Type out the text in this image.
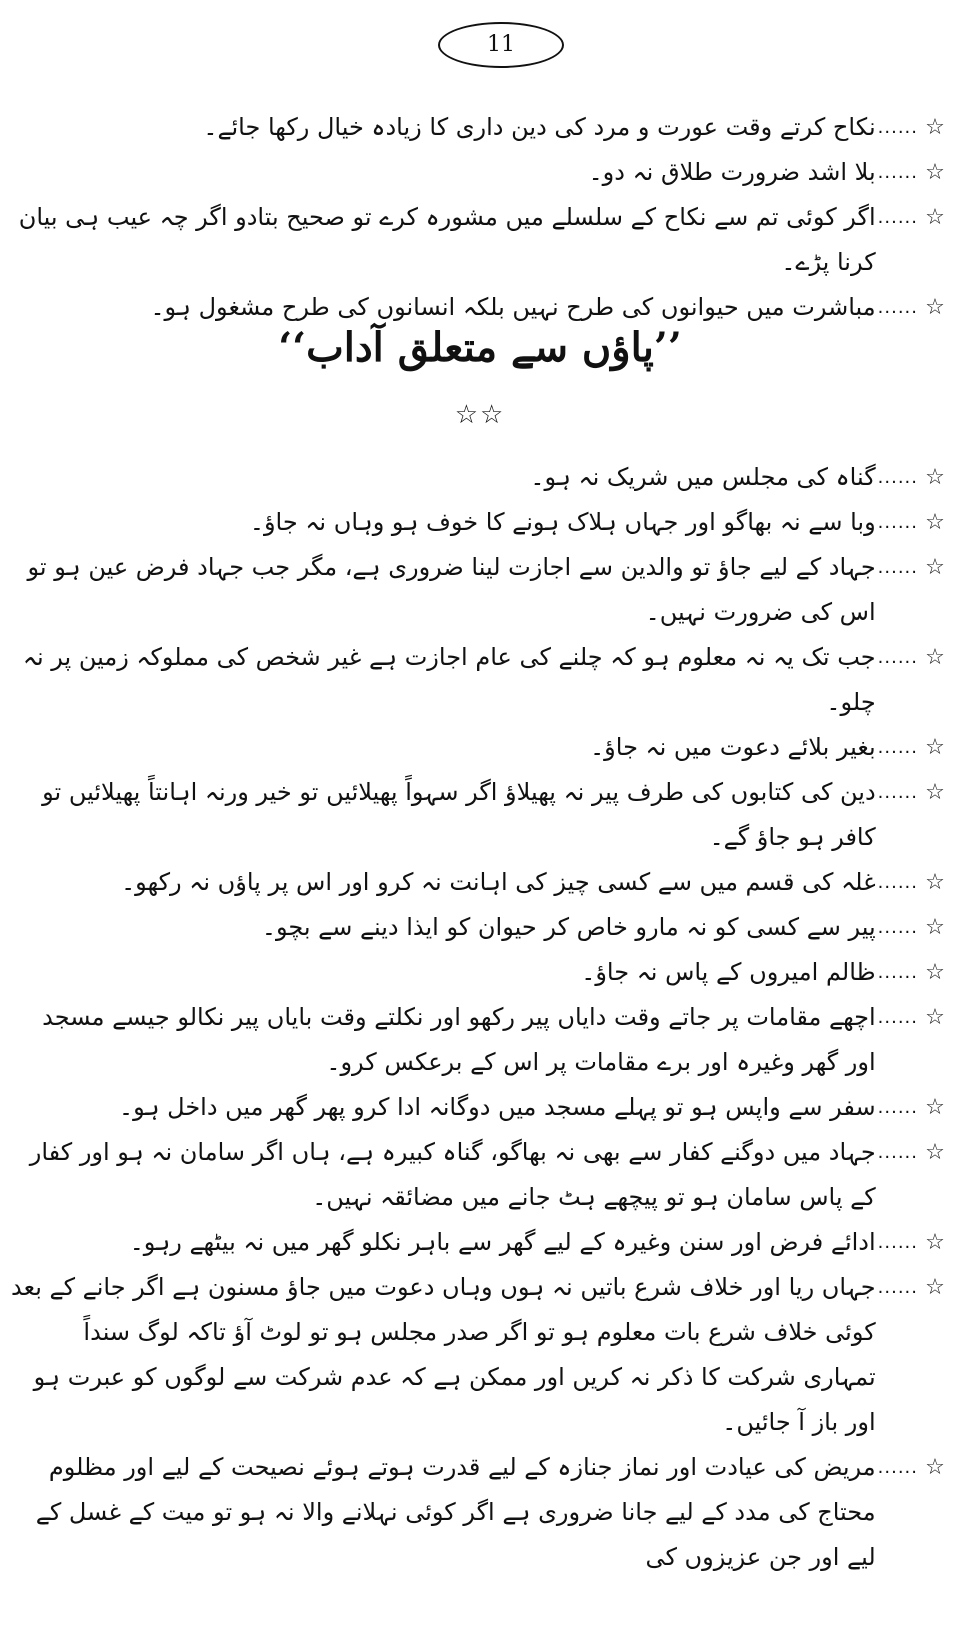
11
☆
......
نکاح کرتے وقت عورت و مرد کی دین داری کا زیادہ خیال رکھا جائے۔
☆
......
بلا اشد ضرورت طلاق نہ دو۔
☆
......
اگر کوئی تم سے نکاح کے سلسلے میں مشورہ کرے تو صحیح بتادو اگر چہ عیب ہی بیان کرنا پڑے۔
☆
......
مباشرت میں حیوانوں کی طرح نہیں بلکہ انسانوں کی طرح مشغول ہو۔
’’پاؤں سے متعلق آداب‘‘
☆☆
☆
......
گناہ کی مجلس میں شریک نہ ہو۔
☆
......
وبا سے نہ بھاگو اور جہاں ہلاک ہونے کا خوف ہو وہاں نہ جاؤ۔
☆
......
جہاد کے لیے جاؤ تو والدین سے اجازت لینا ضروری ہے، مگر جب جہاد فرض عین ہو تو اس کی ضرورت نہیں۔
☆
......
جب تک یہ نہ معلوم ہو کہ چلنے کی عام اجازت ہے غیر شخص کی مملوکہ زمین پر نہ چلو۔
☆
......
بغیر بلائے دعوت میں نہ جاؤ۔
☆
......
دین کی کتابوں کی طرف پیر نہ پھیلاؤ اگر سہواً پھیلائیں تو خیر ورنہ اہانتاً پھیلائیں تو کافر ہو جاؤ گے۔
☆
......
غلہ کی قسم میں سے کسی چیز کی اہانت نہ کرو اور اس پر پاؤں نہ رکھو۔
☆
......
پیر سے کسی کو نہ مارو خاص کر حیوان کو ایذا دینے سے بچو۔
☆
......
ظالم امیروں کے پاس نہ جاؤ۔
☆
......
اچھے مقامات پر جاتے وقت دایاں پیر رکھو اور نکلتے وقت بایاں پیر نکالو جیسے مسجد اور گھر وغیرہ اور برے مقامات پر اس کے برعکس کرو۔
☆
......
سفر سے واپس ہو تو پہلے مسجد میں دوگانہ ادا کرو پھر گھر میں داخل ہو۔
☆
......
جہاد میں دوگنے کفار سے بھی نہ بھاگو، گناہ کبیرہ ہے، ہاں اگر سامان نہ ہو اور کفار کے پاس سامان ہو تو پیچھے ہٹ جانے میں مضائقہ نہیں۔
☆
......
ادائے فرض اور سنن وغیرہ کے لیے گھر سے باہر نکلو گھر میں نہ بیٹھے رہو۔
☆
......
جہاں ریا اور خلاف شرع باتیں نہ ہوں وہاں دعوت میں جاؤ مسنون ہے اگر جانے کے بعد کوئی خلاف شرع بات معلوم ہو تو اگر صدر مجلس ہو تو لوٹ آؤ تاکہ لوگ سنداً تمہاری شرکت کا ذکر نہ کریں اور ممکن ہے کہ عدم شرکت سے لوگوں کو عبرت ہو اور باز آ جائیں۔
☆
......
مریض کی عیادت اور نماز جنازہ کے لیے قدرت ہوتے ہوئے نصیحت کے لیے اور مظلوم محتاج کی مدد کے لیے جانا ضروری ہے اگر کوئی نہلانے والا نہ ہو تو میت کے غسل کے لیے اور جن عزیزوں کی
